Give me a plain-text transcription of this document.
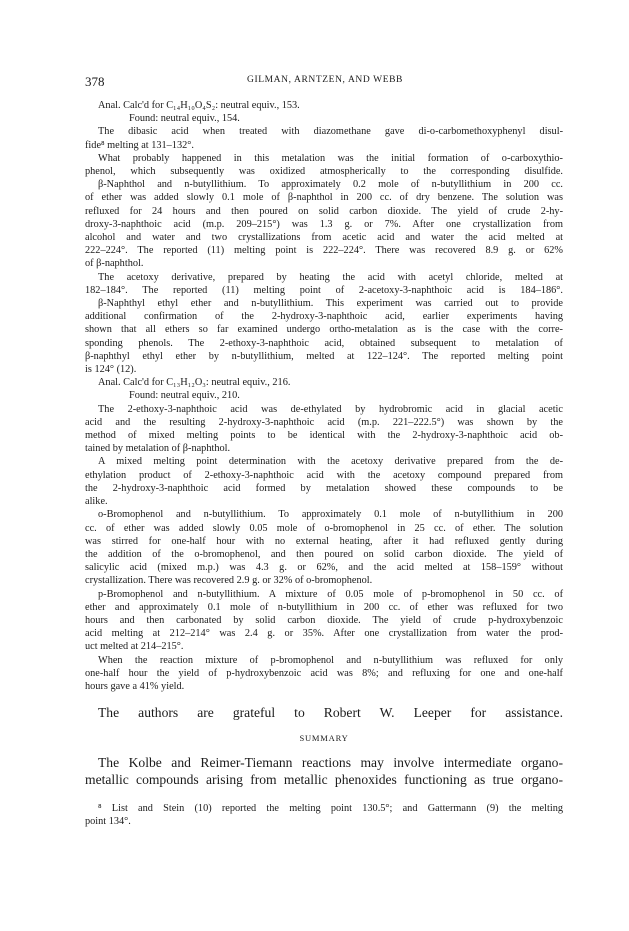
378	GILMAN, ARNTZEN, AND WEBB
Anal. Calc'd for C₁₄H₁₀O₄S₂: neutral equiv., 153.
Found: neutral equiv., 154.
The dibasic acid when treated with diazomethane gave di-o-carbomethoxyphenyl disul-
fide⁸ melting at 131–132°.
What probably happened in this metalation was the initial formation of o-carboxythio-
phenol, which subsequently was oxidized atmospherically to the corresponding disulfide.
β-Naphthol and n-butyllithium. To approximately 0.2 mole of n-butyllithium in 200 cc.
of ether was added slowly 0.1 mole of β-naphthol in 200 cc. of dry benzene. The solution was
refluxed for 24 hours and then poured on solid carbon dioxide. The yield of crude 2-hy-
droxy-3-naphthoic acid (m.p. 209–215°) was 1.3 g. or 7%. After one crystallization from
alcohol and water and two crystallizations from acetic acid and water the acid melted at
222–224°. The reported (11) melting point is 222–224°. There was recovered 8.9 g. or 62%
of β-naphthol.
The acetoxy derivative, prepared by heating the acid with acetyl chloride, melted at
182–184°. The reported (11) melting point of 2-acetoxy-3-naphthoic acid is 184–186°.
β-Naphthyl ethyl ether and n-butyllithium. This experiment was carried out to provide
additional confirmation of the 2-hydroxy-3-naphthoic acid, earlier experiments having
shown that all ethers so far examined undergo ortho-metalation as is the case with the corre-
sponding phenols. The 2-ethoxy-3-naphthoic acid, obtained subsequent to metalation of
β-naphthyl ethyl ether by n-butyllithium, melted at 122–124°. The reported melting point
is 124° (12).
Anal. Calc'd for C₁₃H₁₂O₃: neutral equiv., 216.
Found: neutral equiv., 210.
The 2-ethoxy-3-naphthoic acid was de-ethylated by hydrobromic acid in glacial acetic
acid and the resulting 2-hydroxy-3-naphthoic acid (m.p. 221–222.5°) was shown by the
method of mixed melting points to be identical with the 2-hydroxy-3-naphthoic acid ob-
tained by metalation of β-naphthol.
A mixed melting point determination with the acetoxy derivative prepared from the de-
ethylation product of 2-ethoxy-3-naphthoic acid with the acetoxy compound prepared from
the 2-hydroxy-3-naphthoic acid formed by metalation showed these compounds to be
alike.
o-Bromophenol and n-butyllithium. To approximately 0.1 mole of n-butyllithium in 200
cc. of ether was added slowly 0.05 mole of o-bromophenol in 25 cc. of ether. The solution
was stirred for one-half hour with no external heating, after it had refluxed gently during
the addition of the o-bromophenol, and then poured on solid carbon dioxide. The yield of
salicylic acid (mixed m.p.) was 4.3 g. or 62%, and the acid melted at 158–159° without
crystallization. There was recovered 2.9 g. or 32% of o-bromophenol.
p-Bromophenol and n-butyllithium. A mixture of 0.05 mole of p-bromophenol in 50 cc. of
ether and approximately 0.1 mole of n-butyllithium in 200 cc. of ether was refluxed for two
hours and then carbonated by solid carbon dioxide. The yield of crude p-hydroxybenzoic
acid melting at 212–214° was 2.4 g. or 35%. After one crystallization from water the prod-
uct melted at 214–215°.
When the reaction mixture of p-bromophenol and n-butyllithium was refluxed for only
one-half hour the yield of p-hydroxybenzoic acid was 8%; and refluxing for one and one-half
hours gave a 41% yield.
The authors are grateful to Robert W. Leeper for assistance.
SUMMARY
The Kolbe and Reimer-Tiemann reactions may involve intermediate organo-
metallic compounds arising from metallic phenoxides functioning as true organo-
⁸ List and Stein (10) reported the melting point 130.5°; and Gattermann (9) the melting
point 134°.
